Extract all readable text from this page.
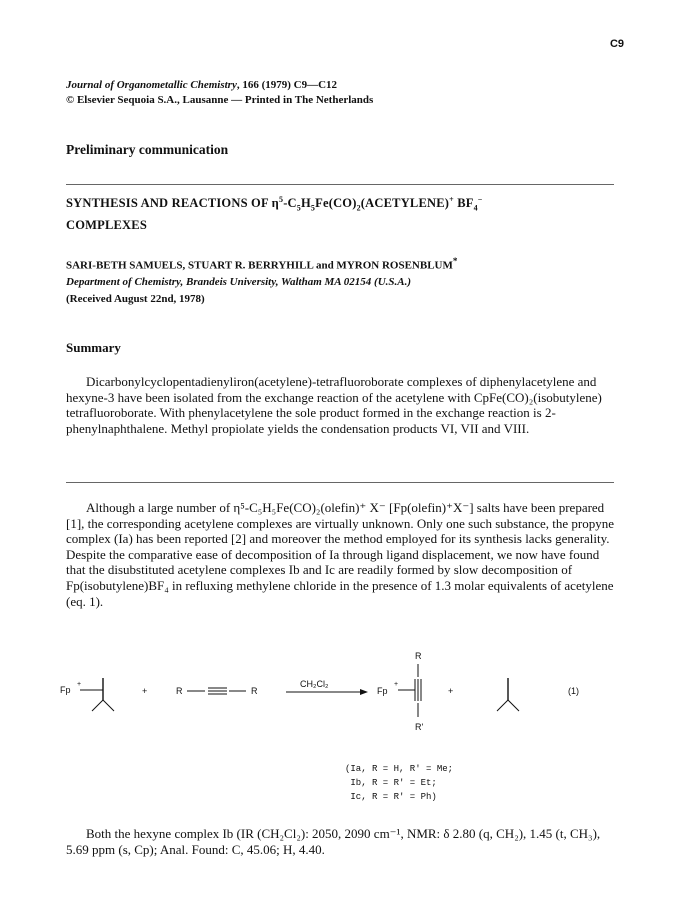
C9
Journal of Organometallic Chemistry, 166 (1979) C9—C12
© Elsevier Sequoia S.A., Lausanne — Printed in The Netherlands
Preliminary communication
SYNTHESIS AND REACTIONS OF $\eta^5-C_5H_5Fe(CO)_2(ACETYLENE)^+$ $BF_4^-$
COMPLEXES
SARI-BETH SAMUELS, STUART R. BERRYHILL and MYRON ROSENBLUM*
Department of Chemistry, Brandeis University, Waltham MA 02154 (U.S.A.)
(Received August 22nd, 1978)
Summary

Dicarbonylcyclopentadienyliron(acetylene)-tetrafluoroborate complexes of diphenylacetylene and hexyne-3 have been isolated from the exchange reaction of the acetylene with CpFe(CO)₂(isobutylene) tetrafluoroborate. With phenylacetylene the sole product formed in the exchange reaction is 2-phenylnaphthalene. Methyl propiolate yields the condensation products VI, VII and VIII.

Although a large number of η⁵-C₅H₅Fe(CO)₂(olefin)⁺ X⁻ [Fp(olefin)⁺X⁻] salts have been prepared [1], the corresponding acetylene complexes are virtually unknown. Only one such substance, the propyne complex (Ia) has been reported [2] and moreover the method employed for its synthesis lacks generality. Despite the comparative ease of decomposition of Ia through ligand displacement, we now have found that the disubstituted acetylene complexes Ib and Ic are readily formed by slow decomposition of Fp(isobutylene)BF₄ in refluxing methylene chloride in the presence of 1.3 molar equivalents of acetylene (eq. 1).

Fp
+
+	R	R
CH₂Cl₂
Fp
+
R
R'
+	(1)
(Ia, R = H, R' = Me;
Ib, R = R' = Et;
Ic, R = R' = Ph)

Both the hexyne complex Ib (IR (CH₂Cl₂): 2050, 2090 cm⁻¹, NMR: δ 2.80 (q, CH₂), 1.45 (t, CH₃), 5.69 ppm (s, Cp); Anal. Found: C, 45.06; H, 4.40.
